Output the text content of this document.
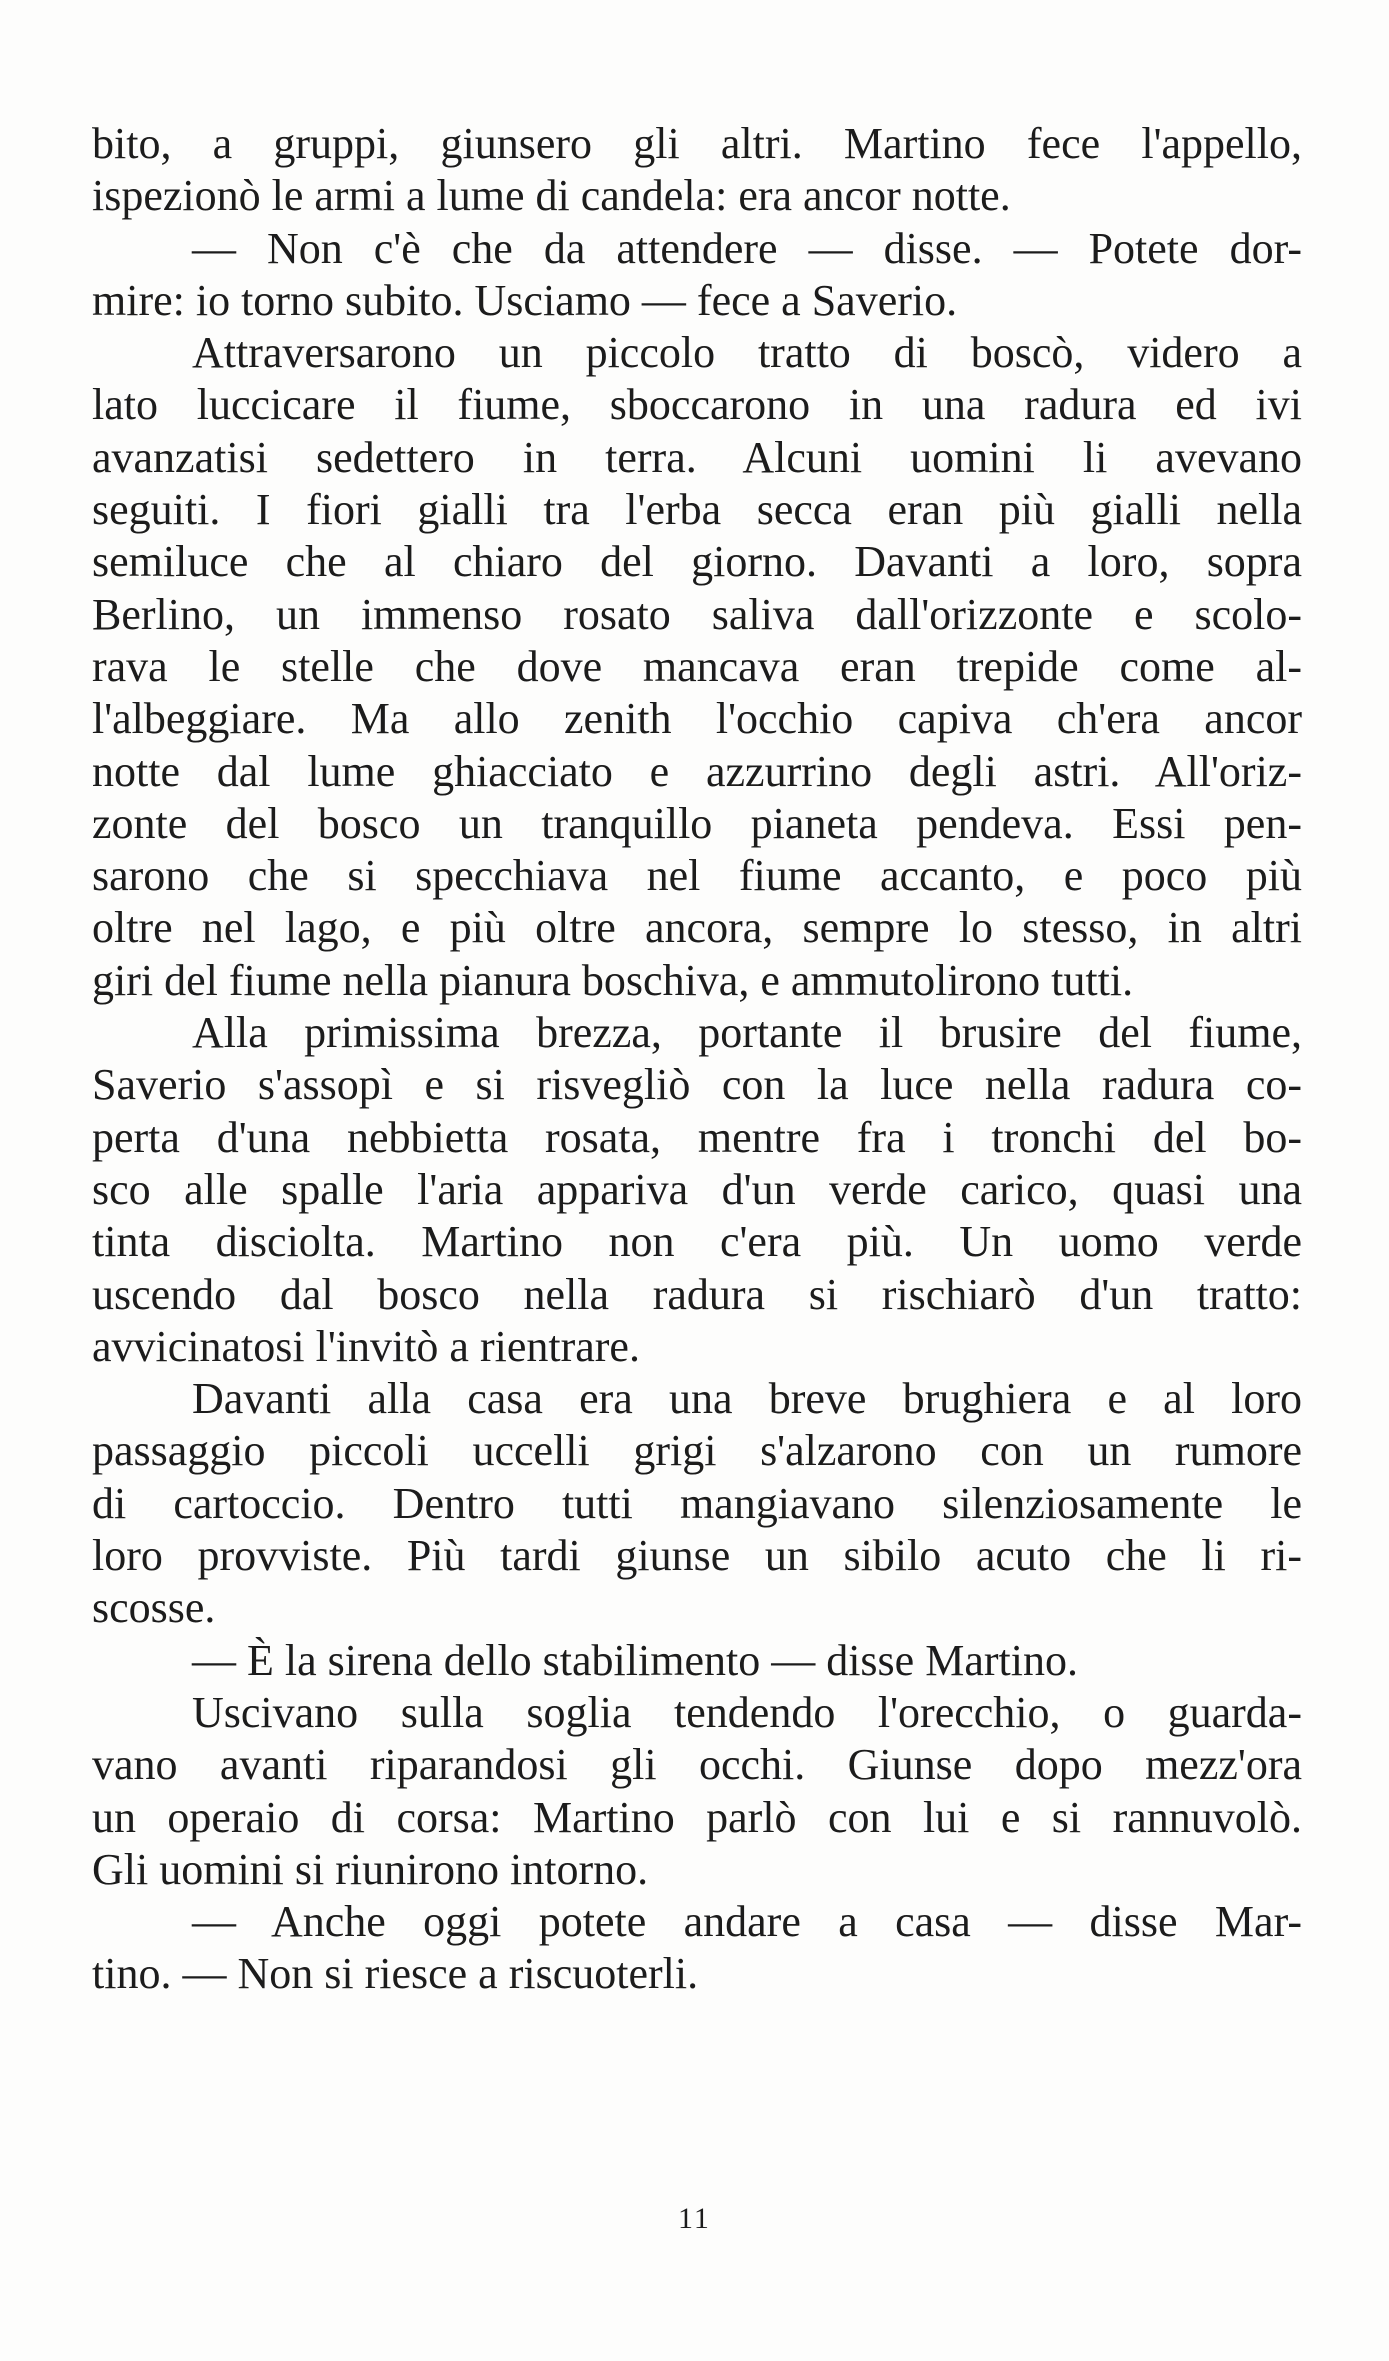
bito, a gruppi, giunsero gli altri. Martino fece l'appello,
ispezionò le armi a lume di candela: era ancor notte.
— Non c'è che da attendere — disse. — Potete dor-
mire: io torno subito. Usciamo — fece a Saverio.
Attraversarono un piccolo tratto di boscò, videro a
lato luccicare il fiume, sboccarono in una radura ed ivi
avanzatisi sedettero in terra. Alcuni uomini li avevano
seguiti. I fiori gialli tra l'erba secca eran più gialli nella
semiluce che al chiaro del giorno. Davanti a loro, sopra
Berlino, un immenso rosato saliva dall'orizzonte e scolo-
rava le stelle che dove mancava eran trepide come al-
l'albeggiare. Ma allo zenith l'occhio capiva ch'era ancor
notte dal lume ghiacciato e azzurrino degli astri. All'oriz-
zonte del bosco un tranquillo pianeta pendeva. Essi pen-
sarono che si specchiava nel fiume accanto, e poco più
oltre nel lago, e più oltre ancora, sempre lo stesso, in altri
giri del fiume nella pianura boschiva, e ammutolirono tutti.
Alla primissima brezza, portante il brusire del fiume,
Saverio s'assopì e si risvegliò con la luce nella radura co-
perta d'una nebbietta rosata, mentre fra i tronchi del bo-
sco alle spalle l'aria appariva d'un verde carico, quasi una
tinta disciolta. Martino non c'era più. Un uomo verde
uscendo dal bosco nella radura si rischiarò d'un tratto:
avvicinatosi l'invitò a rientrare.
Davanti alla casa era una breve brughiera e al loro
passaggio piccoli uccelli grigi s'alzarono con un rumore
di cartoccio. Dentro tutti mangiavano silenziosamente le
loro provviste. Più tardi giunse un sibilo acuto che li ri-
scosse.
— È la sirena dello stabilimento — disse Martino.
Uscivano sulla soglia tendendo l'orecchio, o guarda-
vano avanti riparandosi gli occhi. Giunse dopo mezz'ora
un operaio di corsa: Martino parlò con lui e si rannuvolò.
Gli uomini si riunirono intorno.
— Anche oggi potete andare a casa — disse Mar-
tino. — Non si riesce a riscuoterli.
11
